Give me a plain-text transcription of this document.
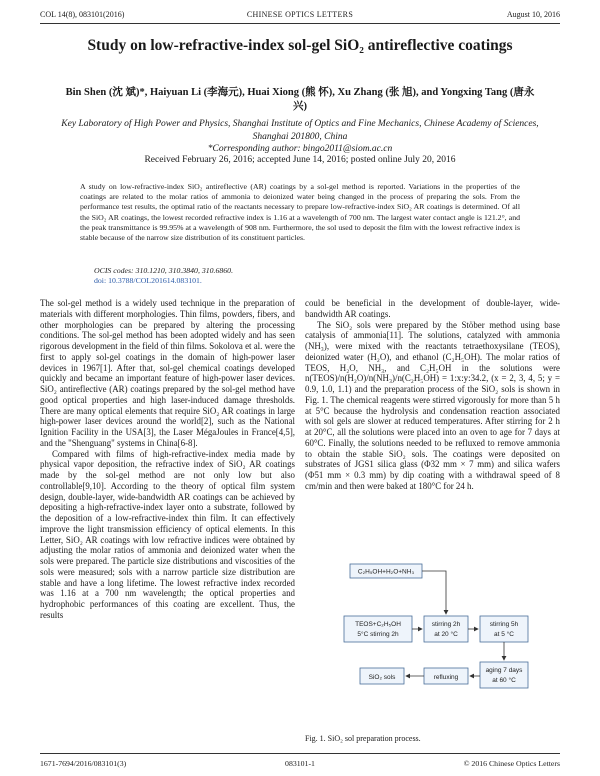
COL 14(8), 083101(2016)	CHINESE OPTICS LETTERS	August 10, 2016
Study on low-refractive-index sol-gel SiO₂ antireflective coatings
Bin Shen (沈 斌)*, Haiyuan Li (李海元), Huai Xiong (熊 怀), Xu Zhang (张 旭), and Yongxing Tang (唐永兴)
Key Laboratory of High Power and Physics, Shanghai Institute of Optics and Fine Mechanics, Chinese Academy of Sciences, Shanghai 201800, China
*Corresponding author: bingo2011@siom.ac.cn
Received February 26, 2016; accepted June 14, 2016; posted online July 20, 2016
A study on low-refractive-index SiO₂ antireflective (AR) coatings by a sol-gel method is reported. Variations in the properties of the coatings are related to the molar ratios of ammonia to deionized water being changed in the process of preparing the sols. From the performance test results, the optimal ratio of the reactants necessary to prepare low-refractive-index SiO₂ AR coatings is determined. Of all the SiO₂ AR coatings, the lowest recorded refractive index is 1.16 at a wavelength of 700 nm. The largest water contact angle is 121.2°, and the peak transmittance is 99.95% at a wavelength of 908 nm. Furthermore, the sol used to deposit the film with the lowest refractive index is stable because of the narrow size distribution of its constituent particles.
OCIS codes: 310.1210, 310.3840, 310.6860.
doi: 10.3788/COL201614.083101.

The sol-gel method is a widely used technique in the preparation of materials with different morphologies. Thin films, powders, fibers, and other morphologies can be prepared by altering the processing conditions. The sol-gel method has been adopted widely and has seen rigorous development in the field of thin films. Sokolova et al. were the first to apply sol-gel coatings in the domain of high-power laser devices in 1967[1]. After that, sol-gel chemical coatings developed quickly and became an important feature of high-power laser devices. SiO₂ antireflective (AR) coatings prepared by the sol-gel method have good optical properties and high laser-induced damage thresholds. There are many optical elements that require SiO₂ AR coatings in large high-power laser devices around the world[2], such as the National Ignition Facility in the USA[3], the Laser MégaJoules in France[4,5], and the "Shenguang" systems in China[6-8].

Compared with films of high-refractive-index media made by physical vapor deposition, the refractive index of SiO₂ AR coatings made by the sol-gel method are not only low but also controllable[9,10]. According to the theory of optical film system design, double-layer, wide-bandwidth AR coatings can be achieved by depositing a high-refractive-index layer onto a substrate, followed by the deposition of a low-refractive-index thin film. It can effectively improve the light transmission efficiency of optical elements. In this Letter, SiO₂ AR coatings with low refractive indices were obtained by adjusting the molar ratios of ammonia and deionized water when the sols were prepared. The particle size distributions and viscosities of the sols were measured; sols with a narrow particle size distribution are stable and have a long lifetime. The lowest refractive index recorded was 1.16 at a 700 nm wavelength; the optical properties and hydrophobic performances of this coating are excellent. Thus, the results

could be beneficial in the development of double-layer, wide-bandwidth AR coatings.

The SiO₂ sols were prepared by the Stöber method using base catalysis of ammonia[11]. The solutions, catalyzed with ammonia (NH₃), were mixed with the reactants tetraethoxysilane (TEOS), deionized water (H₂O), and ethanol (C₂H₅OH). The molar ratios of TEOS, H₂O, NH₃, and C₂H₅OH in the solutions were n(TEOS)/n(H₂O)/n(NH₃)/n(C₂H₅OH) = 1:x:y:34.2, (x = 2, 3, 4, 5; y = 0.9, 1.0, 1.1) and the preparation process of the SiO₂ sols is shown in Fig. 1. The chemical reagents were stirred vigorously for more than 5 h at 5°C because the hydrolysis and condensation reaction associated with sol gels are slower at reduced temperatures. After stirring for 2 h at 20°C, all the solutions were placed into an oven to age for 7 days at 60°C. Finally, the solutions needed to be refluxed to remove ammonia to obtain the stable SiO₂ sols. The coatings were deposited on substrates of JGS1 silica glass (Φ32 mm × 7 mm) and silica wafers (Φ51 mm × 0.3 mm) by dip coating with a withdrawal speed of 8 cm/min and then were baked at 180°C for 24 h.

C₂H₅OH+H₂O+NH₃
TEOS+C₂H₅OH
5°C stirring 2h
stirring 2h
at 20 °C
stirring 5h
at 5 °C
aging 7 days
at 60 °C
refluxing
SiO₂ sols
Fig. 1. SiO₂ sol preparation process.
1671-7694/2016/083101(3)	083101-1	© 2016 Chinese Optics Letters
